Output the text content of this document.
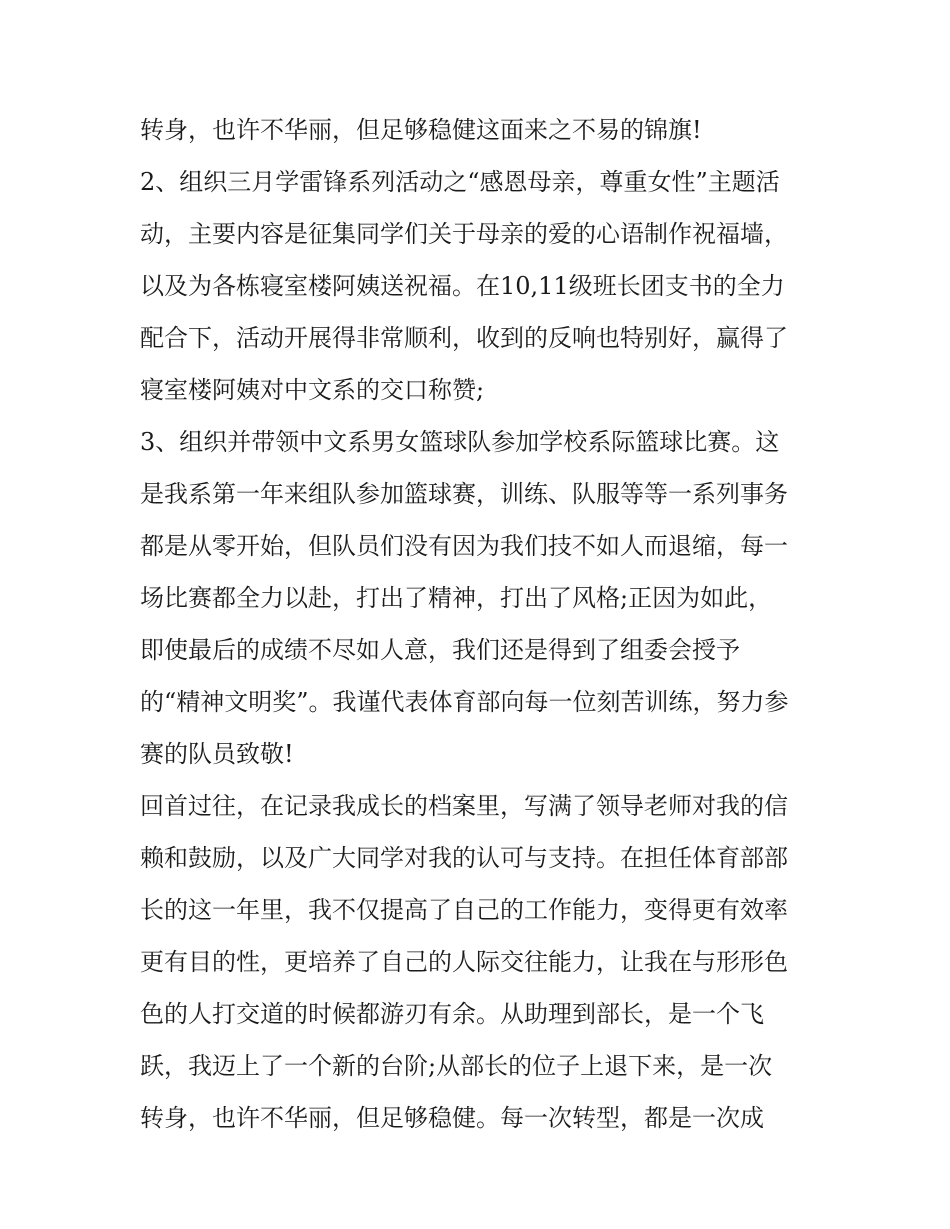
转身，也许不华丽，但足够稳健这面来之不易的锦旗!
2、组织三月学雷锋系列活动之“感恩母亲，尊重女性”主题活
动，主要内容是征集同学们关于母亲的爱的心语制作祝福墙，
以及为各栋寝室楼阿姨送祝福。在10,11级班长团支书的全力
配合下，活动开展得非常顺利，收到的反响也特别好，赢得了
寝室楼阿姨对中文系的交口称赞;
3、组织并带领中文系男女篮球队参加学校系际篮球比赛。这
是我系第一年来组队参加篮球赛，训练、队服等等一系列事务
都是从零开始，但队员们没有因为我们技不如人而退缩，每一
场比赛都全力以赴，打出了精神，打出了风格;正因为如此，
即使最后的成绩不尽如人意，我们还是得到了组委会授予
的“精神文明奖”。我谨代表体育部向每一位刻苦训练，努力参
赛的队员致敬!
回首过往，在记录我成长的档案里，写满了领导老师对我的信
赖和鼓励，以及广大同学对我的认可与支持。在担任体育部部
长的这一年里，我不仅提高了自己的工作能力，变得更有效率
更有目的性，更培养了自己的人际交往能力，让我在与形形色
色的人打交道的时候都游刃有余。从助理到部长，是一个飞
跃，我迈上了一个新的台阶;从部长的位子上退下来，是一次
转身，也许不华丽，但足够稳健。每一次转型，都是一次成
